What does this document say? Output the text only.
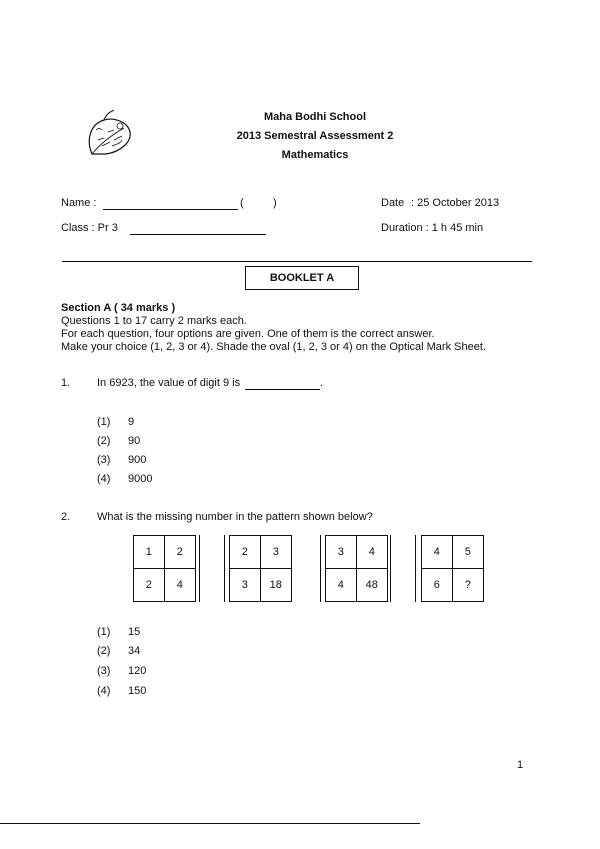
Maha Bodhi School
2013 Semestral Assessment 2
Mathematics
Name :	(	)	Date : 25 October 2013
Class : Pr 3	Duration : 1 h 45 min
BOOKLET A
Section A ( 34 marks )
Questions 1 to 17 carry 2 marks each.
For each question, four options are given. One of them is the correct answer.
Make your choice (1, 2, 3 or 4). Shade the oval (1, 2, 3 or 4) on the Optical Mark Sheet.
1. In 6923, the value of digit 9 is	.
(1) 9
(2) 90
(3) 900
(4) 9000
2. What is the missing number in the pattern shown below?
1	2
2	4
2	3
3	18
3	4
4	48
4	5
6	?
(1) 15
(2) 34
(3) 120
(4) 150
1
